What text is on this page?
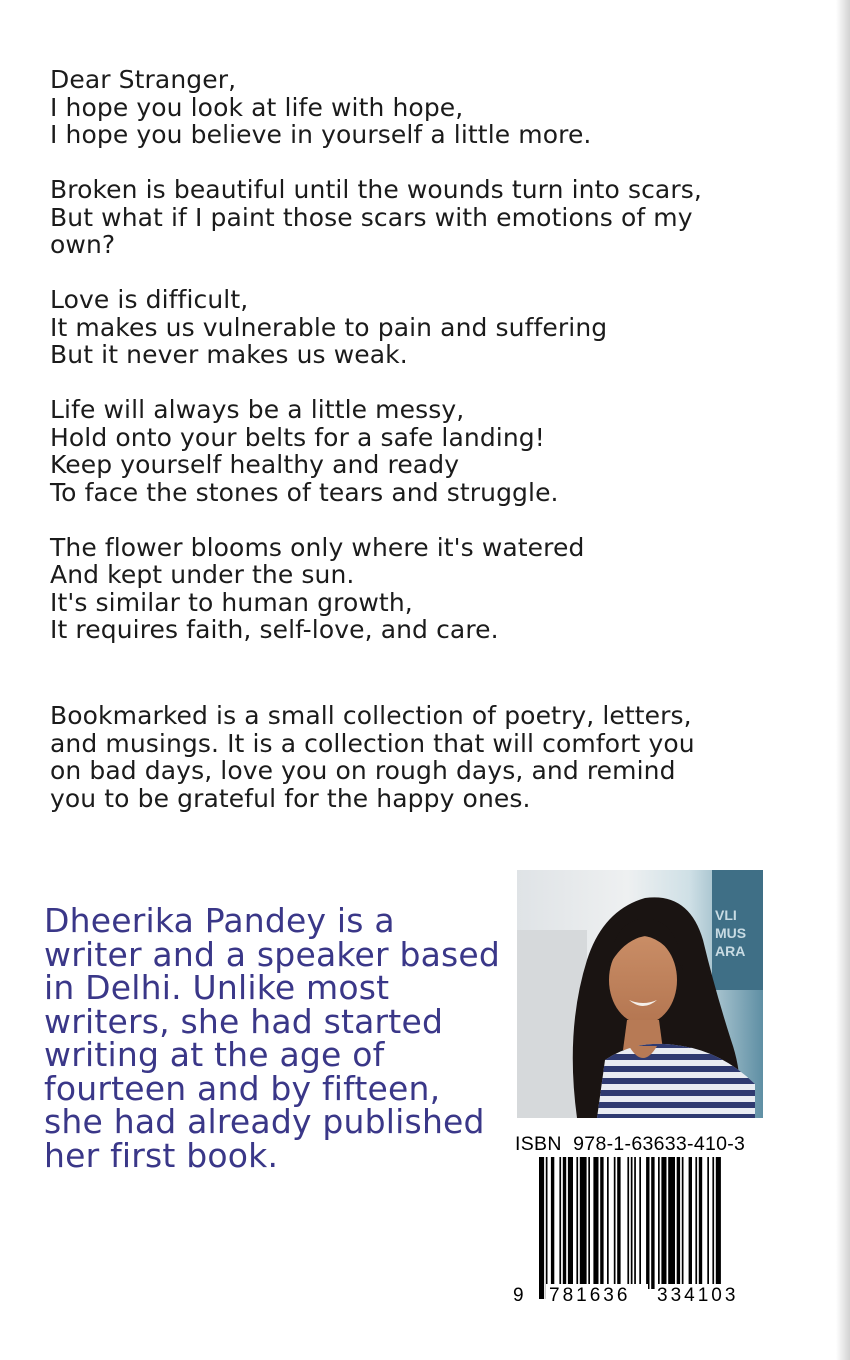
Dear Stranger,
I hope you look at life with hope,
I hope you believe in yourself a little more.
Broken is beautiful until the wounds turn into scars,
But what if I paint those scars with emotions of my
own?
Love is difficult,
It makes us vulnerable to pain and suffering
But it never makes us weak.
Life will always be a little messy,
Hold onto your belts for a safe landing!
Keep yourself healthy and ready
To face the stones of tears and struggle.
The flower blooms only where it's watered
And kept under the sun.
It's similar to human growth,
It requires faith, self-love, and care.
Bookmarked is a small collection of poetry, letters,
and musings. It is a collection that will comfort you
on bad days, love you on rough days, and remind
you to be grateful for the happy ones.
Dheerika Pandey is a
writer and a speaker based
in Delhi. Unlike most
writers, she had started
writing at the age of
fourteen and by fifteen,
she had already published
her first book.
VLI
MUS
ARA
ISBN  978-1-63633-410-3
9 781636 334103
